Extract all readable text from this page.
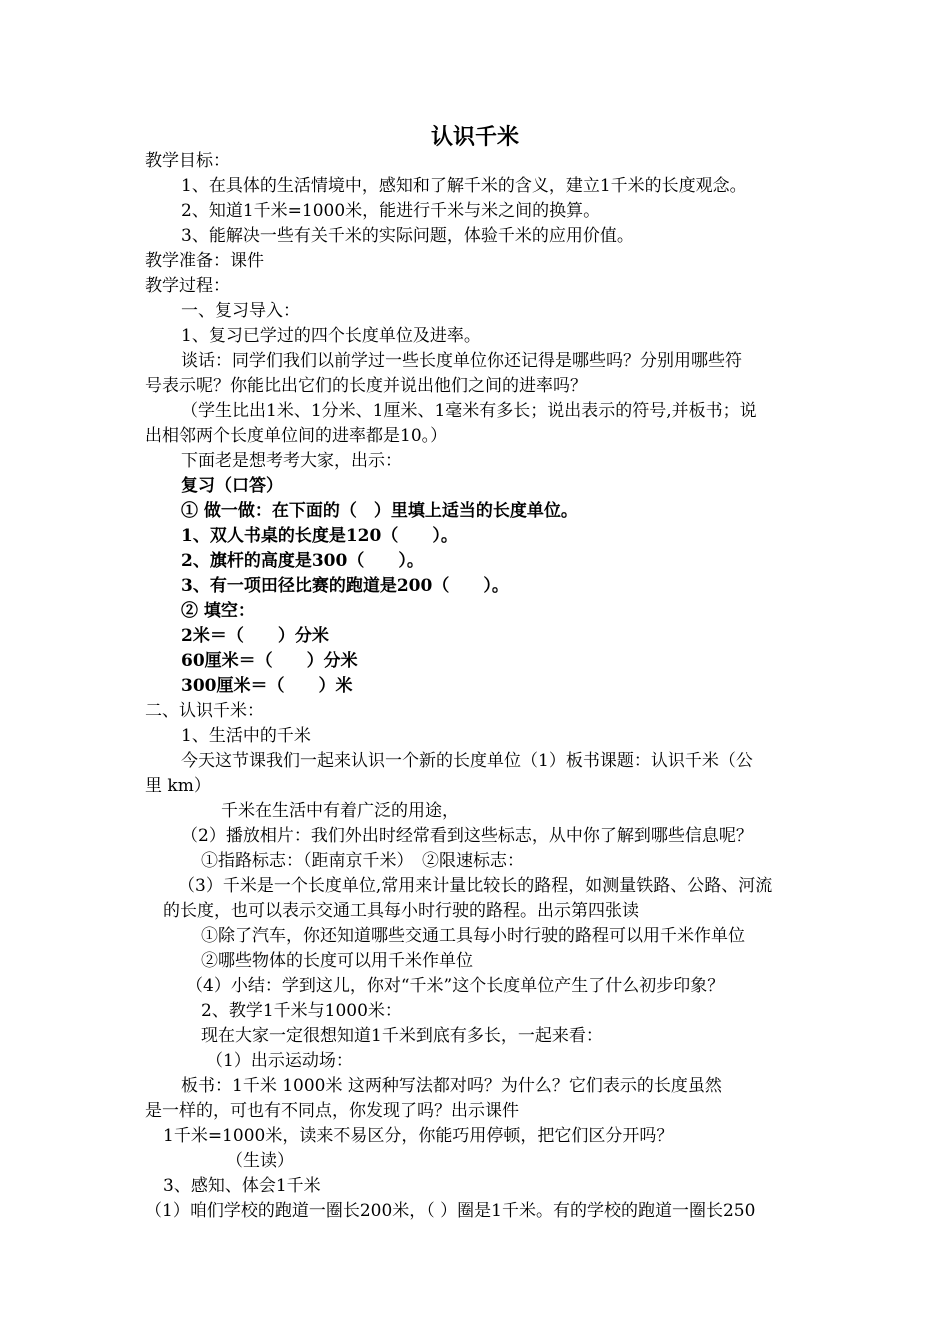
认识千米
教学目标：
1、在具体的生活情境中，感知和了解千米的含义，建立1千米的长度观念。
2、知道1千米=1000米，能进行千米与米之间的换算。
3、能解决一些有关千米的实际问题，体验千米的应用价值。
教学准备：课件
教学过程：
一、复习导入：
1、复习已学过的四个长度单位及进率。
谈话：同学们我们以前学过一些长度单位你还记得是哪些吗？分别用哪些符
号表示呢？你能比出它们的长度并说出他们之间的进率吗？
（学生比出1米、1分米、1厘米、1毫米有多长；说出表示的符号,并板书；说
出相邻两个长度单位间的进率都是10。）
下面老是想考考大家，出示：
复习（口答）
① 做一做：在下面的（　）里填上适当的长度单位。
1、双人书桌的长度是120（　　）。
2、旗杆的高度是300（　　）。
3、有一项田径比赛的跑道是200（　　）。
② 填空：
2米＝（　　）分米
60厘米＝（　　）分米
300厘米＝（　　）米
二、认识千米：
1、生活中的千米
今天这节课我们一起来认识一个新的长度单位（1）板书课题：认识千米（公
里 km）
千米在生活中有着广泛的用途，
（2）播放相片：我们外出时经常看到这些标志，从中你了解到哪些信息呢？
①指路标志：（距南京千米）　②限速标志：
（3）千米是一个长度单位,常用来计量比较长的路程，如测量铁路、公路、河流
的长度，也可以表示交通工具每小时行驶的路程。出示第四张读
①除了汽车，你还知道哪些交通工具每小时行驶的路程可以用千米作单位
②哪些物体的长度可以用千米作单位
（4）小结：学到这儿，你对“千米”这个长度单位产生了什么初步印象？
2、教学1千米与1000米：
现在大家一定很想知道1千米到底有多长，一起来看：
（1）出示运动场：
板书：1千米 1000米 这两种写法都对吗？为什么？它们表示的长度虽然
是一样的，可也有不同点，你发现了吗？出示课件
1千米=1000米，读来不易区分，你能巧用停顿，把它们区分开吗？
（生读）
3、感知、体会1千米
（1）咱们学校的跑道一圈长200米，（ ）圈是1千米。有的学校的跑道一圈长250
